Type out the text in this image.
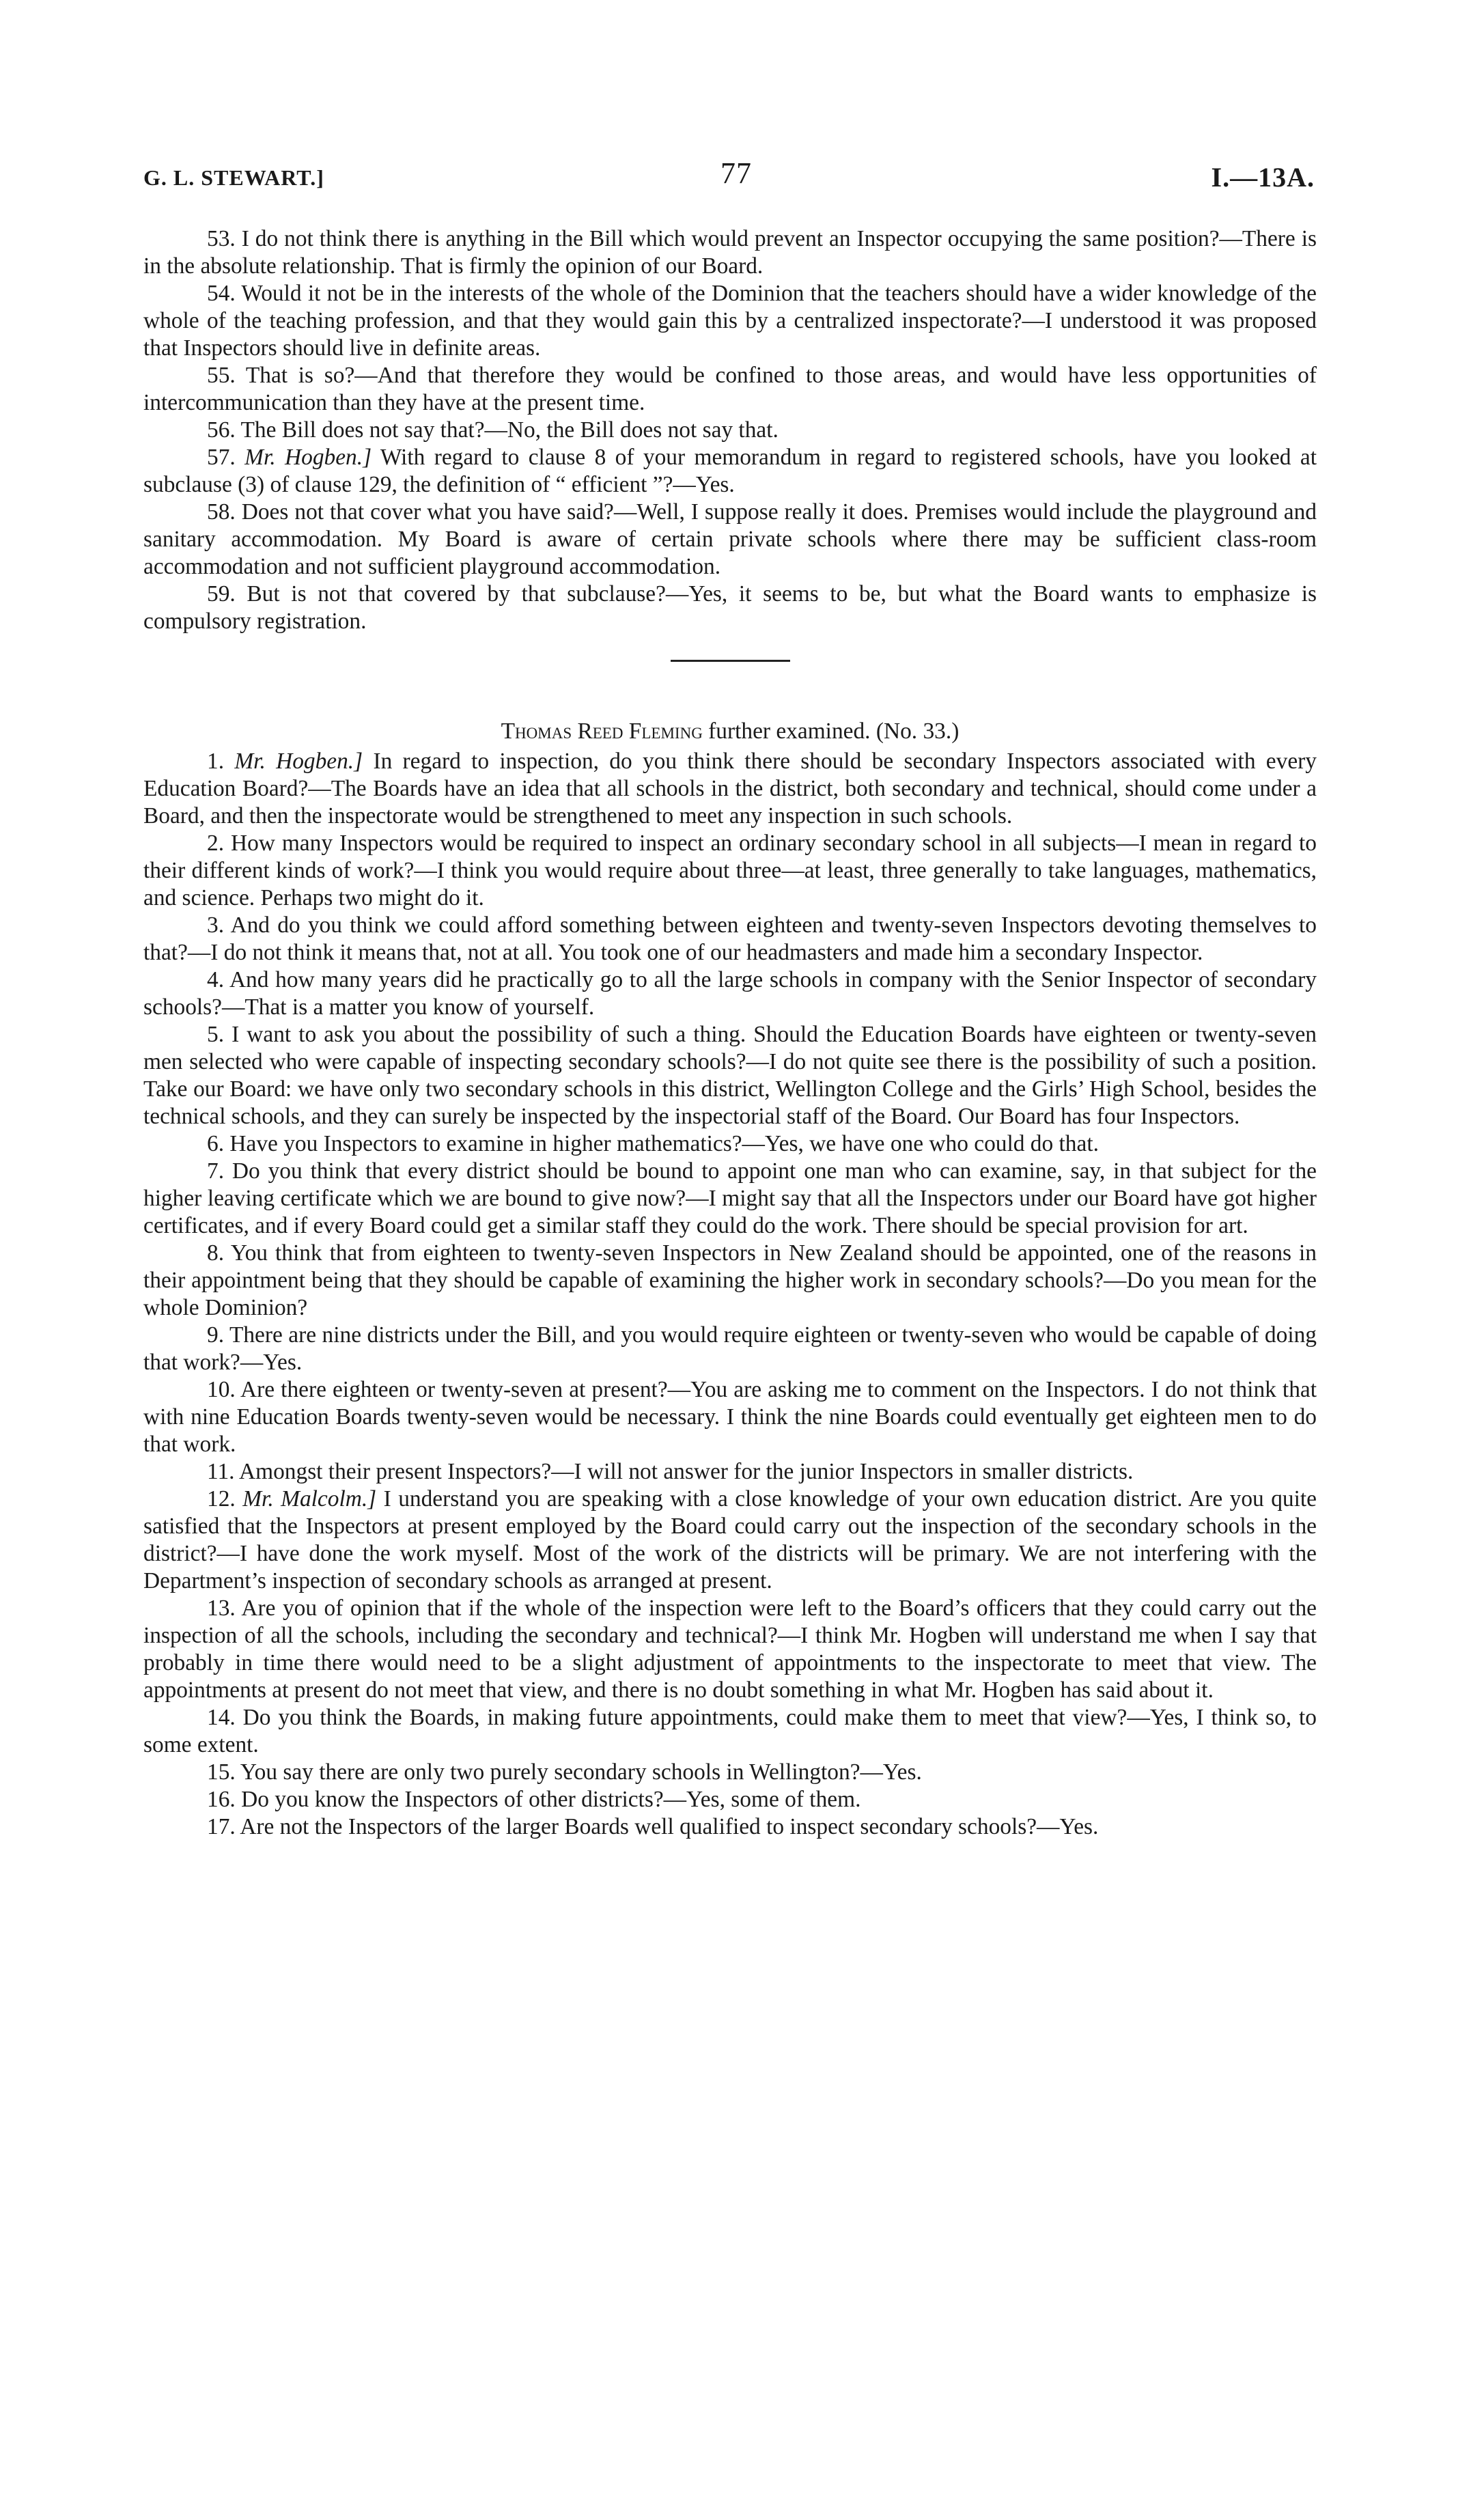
G. L. STEWART.]	77	I.—13A.

53. I do not think there is anything in the Bill which would prevent an Inspector occupying the same position?—There is in the absolute relationship. That is firmly the opinion of our Board.

54. Would it not be in the interests of the whole of the Dominion that the teachers should have a wider knowledge of the whole of the teaching profession, and that they would gain this by a centralized inspectorate?—I understood it was proposed that Inspectors should live in definite areas.

55. That is so?—And that therefore they would be confined to those areas, and would have less opportunities of intercommunication than they have at the present time.

56. The Bill does not say that?—No, the Bill does not say that.

57. Mr. Hogben.] With regard to clause 8 of your memorandum in regard to registered schools, have you looked at subclause (3) of clause 129, the definition of “ efficient ”?—Yes.

58. Does not that cover what you have said?—Well, I suppose really it does. Premises would include the playground and sanitary accommodation. My Board is aware of certain private schools where there may be sufficient class-room accommodation and not sufficient playground accommodation.

59. But is not that covered by that subclause?—Yes, it seems to be, but what the Board wants to emphasize is compulsory registration.

Thomas Reed Fleming further examined. (No. 33.)

1. Mr. Hogben.] In regard to inspection, do you think there should be secondary Inspectors associated with every Education Board?—The Boards have an idea that all schools in the district, both secondary and technical, should come under a Board, and then the inspectorate would be strengthened to meet any inspection in such schools.

2. How many Inspectors would be required to inspect an ordinary secondary school in all subjects—I mean in regard to their different kinds of work?—I think you would require about three—at least, three generally to take languages, mathematics, and science. Perhaps two might do it.

3. And do you think we could afford something between eighteen and twenty-seven Inspectors devoting themselves to that?—I do not think it means that, not at all. You took one of our headmasters and made him a secondary Inspector.

4. And how many years did he practically go to all the large schools in company with the Senior Inspector of secondary schools?—That is a matter you know of yourself.

5. I want to ask you about the possibility of such a thing. Should the Education Boards have eighteen or twenty-seven men selected who were capable of inspecting secondary schools?—I do not quite see there is the possibility of such a position. Take our Board: we have only two secondary schools in this district, Wellington College and the Girls’ High School, besides the technical schools, and they can surely be inspected by the inspectorial staff of the Board. Our Board has four Inspectors.

6. Have you Inspectors to examine in higher mathematics?—Yes, we have one who could do that.

7. Do you think that every district should be bound to appoint one man who can examine, say, in that subject for the higher leaving certificate which we are bound to give now?—I might say that all the Inspectors under our Board have got higher certificates, and if every Board could get a similar staff they could do the work. There should be special provision for art.

8. You think that from eighteen to twenty-seven Inspectors in New Zealand should be appointed, one of the reasons in their appointment being that they should be capable of examining the higher work in secondary schools?—Do you mean for the whole Dominion?

9. There are nine districts under the Bill, and you would require eighteen or twenty-seven who would be capable of doing that work?—Yes.

10. Are there eighteen or twenty-seven at present?—You are asking me to comment on the Inspectors. I do not think that with nine Education Boards twenty-seven would be necessary. I think the nine Boards could eventually get eighteen men to do that work.

11. Amongst their present Inspectors?—I will not answer for the junior Inspectors in smaller districts.

12. Mr. Malcolm.] I understand you are speaking with a close knowledge of your own education district. Are you quite satisfied that the Inspectors at present employed by the Board could carry out the inspection of the secondary schools in the district?—I have done the work myself. Most of the work of the districts will be primary. We are not interfering with the Department’s inspection of secondary schools as arranged at present.

13. Are you of opinion that if the whole of the inspection were left to the Board’s officers that they could carry out the inspection of all the schools, including the secondary and technical?—I think Mr. Hogben will understand me when I say that probably in time there would need to be a slight adjustment of appointments to the inspectorate to meet that view. The appointments at present do not meet that view, and there is no doubt something in what Mr. Hogben has said about it.

14. Do you think the Boards, in making future appointments, could make them to meet that view?—Yes, I think so, to some extent.

15. You say there are only two purely secondary schools in Wellington?—Yes.

16. Do you know the Inspectors of other districts?—Yes, some of them.

17. Are not the Inspectors of the larger Boards well qualified to inspect secondary schools?—Yes.
